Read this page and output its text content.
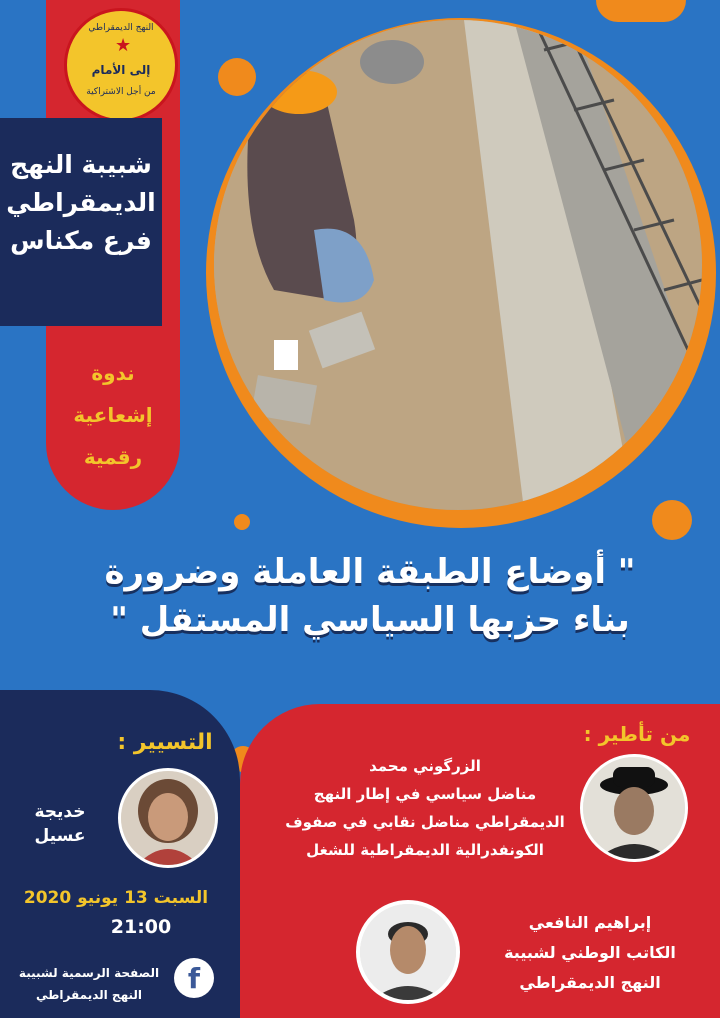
ندوة
إشعاعية
رقمية
النهج الديمقراطي
★
إلى الأمام
من أجل الاشتراكية
شبيبة النهج
الديمقراطي
فرع مكناس
" أوضاع الطبقة العاملة وضرورة
بناء حزبها السياسي المستقل "
التسيير :
خديجة
عسيل
السبت 13 يونيو 2020
21:00
الصفحة الرسمية لشبيبة
النهج الديمقراطي	f
من تأطير :
الزرگوني محمد
مناضل سياسي في إطار النهج
الديمقراطي مناضل نقابي في صفوف
الكونفدرالية الديمقراطية للشغل
إبراهيم النافعي
الكاتب الوطني لشبيبة
النهج الديمقراطي
